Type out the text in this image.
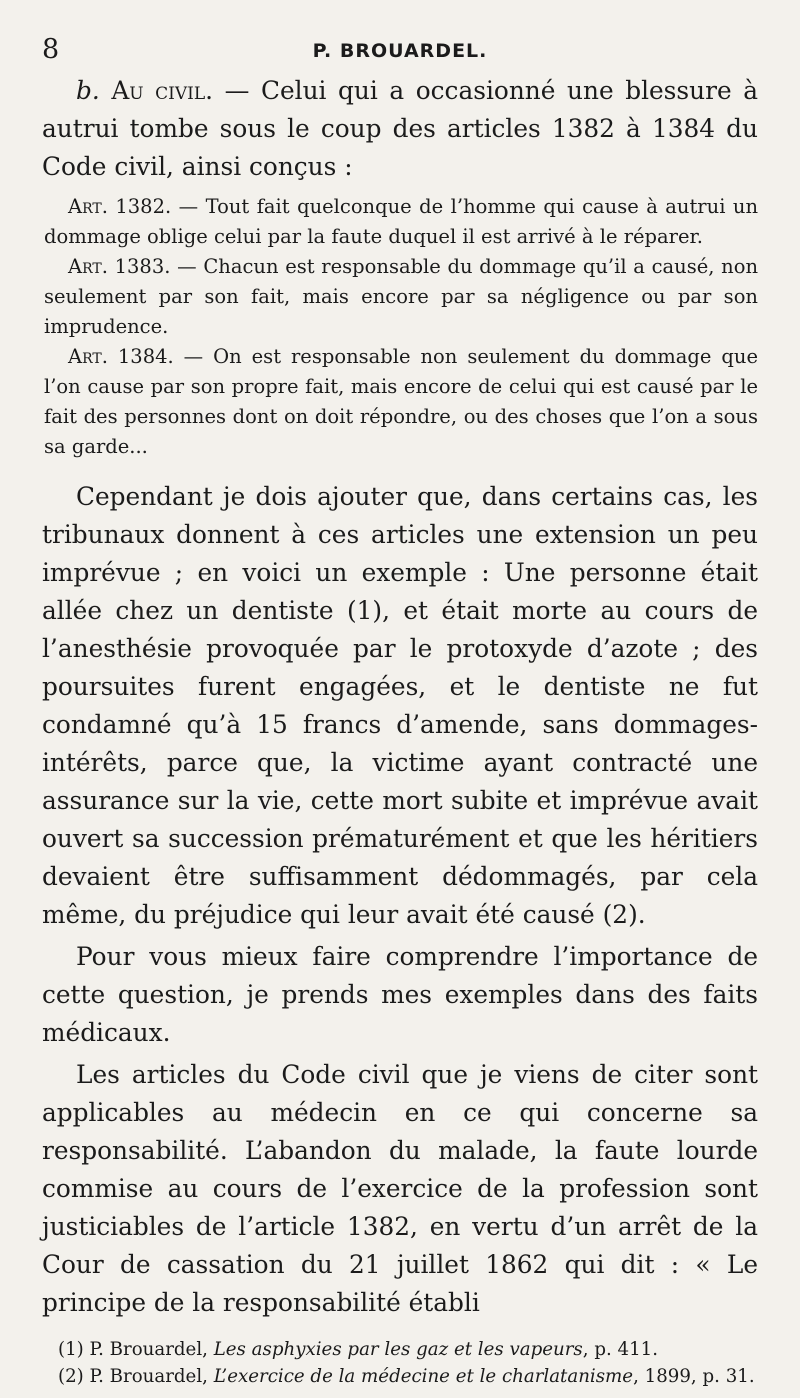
8	P. BROUARDEL.

b. Au civil. — Celui qui a occasionné une blessure à autrui tombe sous le coup des articles 1382 à 1384 du Code civil, ainsi conçus :

Art. 1382. — Tout fait quelconque de l’homme qui cause à autrui un dommage oblige celui par la faute duquel il est arrivé à le réparer.

Art. 1383. — Chacun est responsable du dommage qu’il a causé, non seulement par son fait, mais encore par sa négligence ou par son imprudence.

Art. 1384. — On est responsable non seulement du dommage que l’on cause par son propre fait, mais encore de celui qui est causé par le fait des personnes dont on doit répondre, ou des choses que l’on a sous sa garde...

Cependant je dois ajouter que, dans certains cas, les tribunaux donnent à ces articles une extension un peu imprévue ; en voici un exemple : Une personne était allée chez un dentiste (1), et était morte au cours de l’anesthésie provoquée par le protoxyde d’azote ; des poursuites furent engagées, et le dentiste ne fut condamné qu’à 15 francs d’amende, sans dommages-intérêts, parce que, la victime ayant contracté une assurance sur la vie, cette mort subite et imprévue avait ouvert sa succession prématurément et que les héritiers devaient être suffisamment dédommagés, par cela même, du préjudice qui leur avait été causé (2).

Pour vous mieux faire comprendre l’importance de cette question, je prends mes exemples dans des faits médicaux.

Les articles du Code civil que je viens de citer sont applicables au médecin en ce qui concerne sa responsabilité. L’abandon du malade, la faute lourde commise au cours de l’exercice de la profession sont justiciables de l’article 1382, en vertu d’un arrêt de la Cour de cassation du 21 juillet 1862 qui dit : « Le principe de la responsabilité établi

(1) P. Brouardel, Les asphyxies par les gaz et les vapeurs, p. 411.

(2) P. Brouardel, L’exercice de la médecine et le charlatanisme, 1899, p. 31.
